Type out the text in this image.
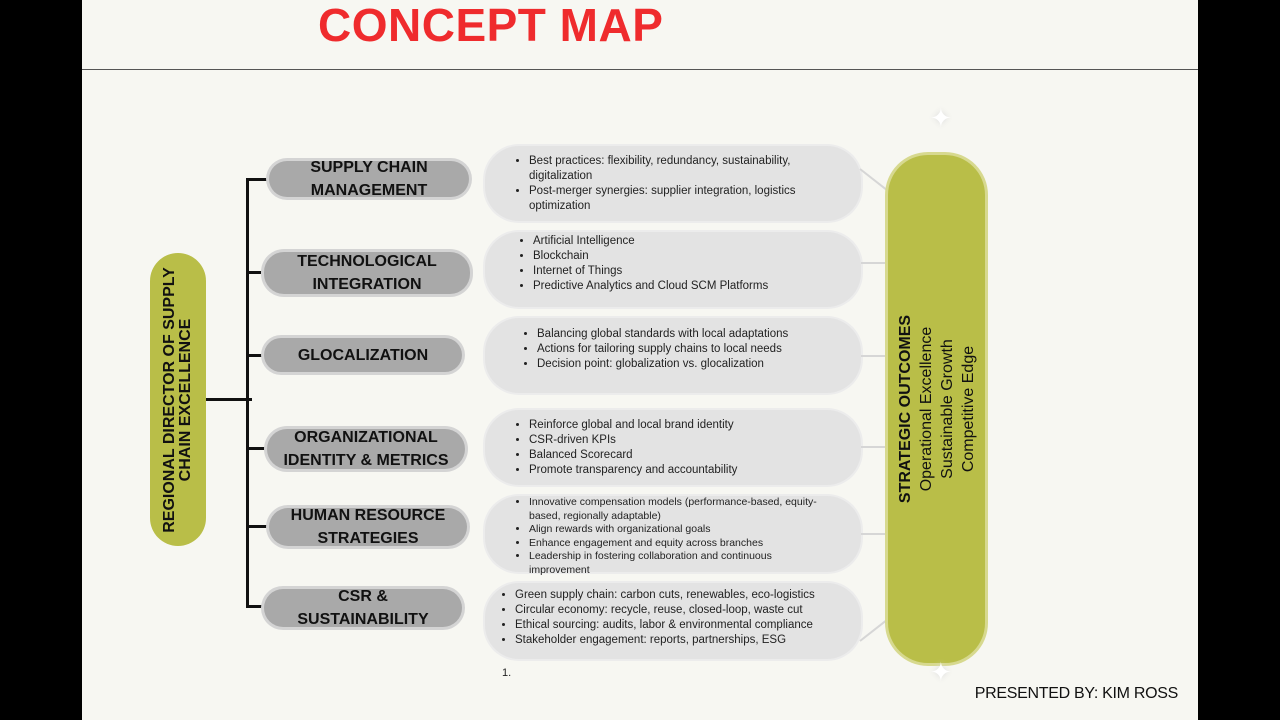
CONCEPT MAP
REGIONAL DIRECTOR OF SUPPLY CHAIN EXCELLENCE
SUPPLY CHAIN
MANAGEMENT
TECHNOLOGICAL
INTEGRATION
GLOCALIZATION
ORGANIZATIONAL
IDENTITY & METRICS
HUMAN RESOURCE
STRATEGIES
CSR &
SUSTAINABILITY
• Best practices: flexibility, redundancy, sustainability, digitalization
• Post-merger synergies: supplier integration, logistics optimization
• Artificial Intelligence
• Blockchain
• Internet of Things
• Predictive Analytics and Cloud SCM Platforms
• Balancing global standards with local adaptations
• Actions for tailoring supply chains to local needs
• Decision point: globalization vs. glocalization
• Reinforce global and local brand identity
• CSR-driven KPIs
• Balanced Scorecard
• Promote transparency and accountability
• Innovative compensation models (performance-based, equity-based, regionally adaptable)
• Align rewards with organizational goals
• Enhance engagement and equity across branches
• Leadership in fostering collaboration and continuous improvement
• Green supply chain: carbon cuts, renewables, eco-logistics
• Circular economy: recycle, reuse, closed-loop, waste cut
• Ethical sourcing: audits, labor & environmental compliance
• Stakeholder engagement: reports, partnerships, ESG
STRATEGIC OUTCOMES Operational Excellence Sustainable Growth Competitive Edge
✦
✦
1.
PRESENTED BY: KIM ROSS
